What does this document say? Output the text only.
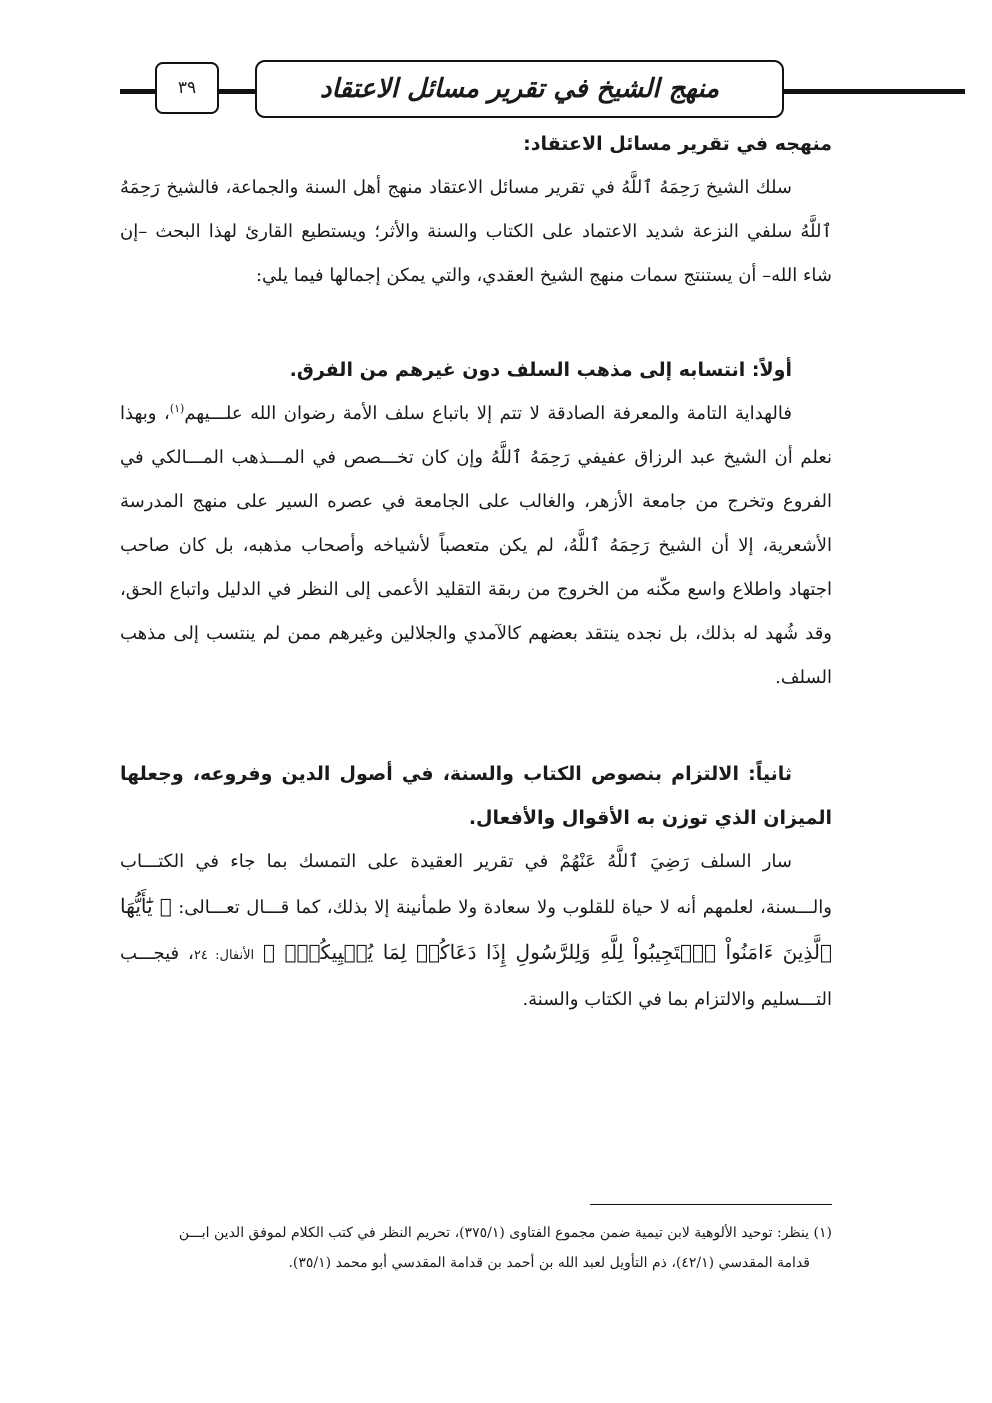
٣٩	منهج الشيخ في تقرير مسائل الاعتقاد

منهجه في تقرير مسائل الاعتقاد:

سلك الشيخ رَحِمَهُ ٱللَّهُ في تقرير مسائل الاعتقاد منهج أهل السنة والجماعة، فالشيخ رَحِمَهُ ٱللَّهُ سلفي النزعة شديد الاعتماد على الكتاب والسنة والأثر؛ ويستطيع القارئ لهذا البحث –إن شاء الله– أن يستنتج سمات منهج الشيخ العقدي، والتي يمكن إجمالها فيما يلي:

أولاً: انتسابه إلى مذهب السلف دون غيرهم من الفرق.

فالهداية التامة والمعرفة الصادقة لا تتم إلا باتباع سلف الأمة رضوان الله علـــيهم$^{(١)}$، وبهذا نعلم أن الشيخ عبد الرزاق عفيفي رَحِمَهُ ٱللَّهُ وإن كان تخـــصص في المـــذهب المـــالكي في الفروع وتخرج من جامعة الأزهر، والغالب على الجامعة في عصره السير على منهج المدرسة الأشعرية، إلا أن الشيخ رَحِمَهُ ٱللَّهُ، لم يكن متعصباً لأشياخه وأصحاب مذهبه، بل كان صاحب اجتهاد واطلاع واسع مكّنه من الخروج من ربقة التقليد الأعمى إلى النظر في الدليل واتباع الحق، وقد شُهد له بذلك، بل نجده ينتقد بعضهم كالآمدي والجلالين وغيرهم ممن لم ينتسب إلى مذهب السلف.

ثانياً: الالتزام بنصوص الكتاب والسنة، في أصول الدين وفروعه، وجعلها الميزان الذي توزن به الأقوال والأفعال.

سار السلف رَضِيَ ٱللَّهُ عَنْهُمْ في تقرير العقيدة على التمسك بما جاء في الكتـــاب والـــسنة، لعلمهم أنه لا حياة للقلوب ولا سعادة ولا طمأنينة إلا بذلك، كما قـــال تعـــالى: ﴿ يَٰٓأَيُّهَا ٱلَّذِينَ ءَامَنُواْ ٱسۡتَجِيبُواْ لِلَّهِ وَلِلرَّسُولِ إِذَا دَعَاكُمۡ لِمَا يُحۡيِيكُمۡۖ ﴾ الأنفال: ٢٤، فيجـــب التـــسليم والالتزام بما في الكتاب والسنة.

(١) ينظر: توحيد الألوهية لابن تيمية ضمن مجموع الفتاوى (٣٧٥/١)، تحريم النظر في كتب الكلام لموفق الدين ابـــن

قدامة المقدسي (٤٢/١)، ذم التأويل لعبد الله بن أحمد بن قدامة المقدسي أبو محمد (٣٥/١).
